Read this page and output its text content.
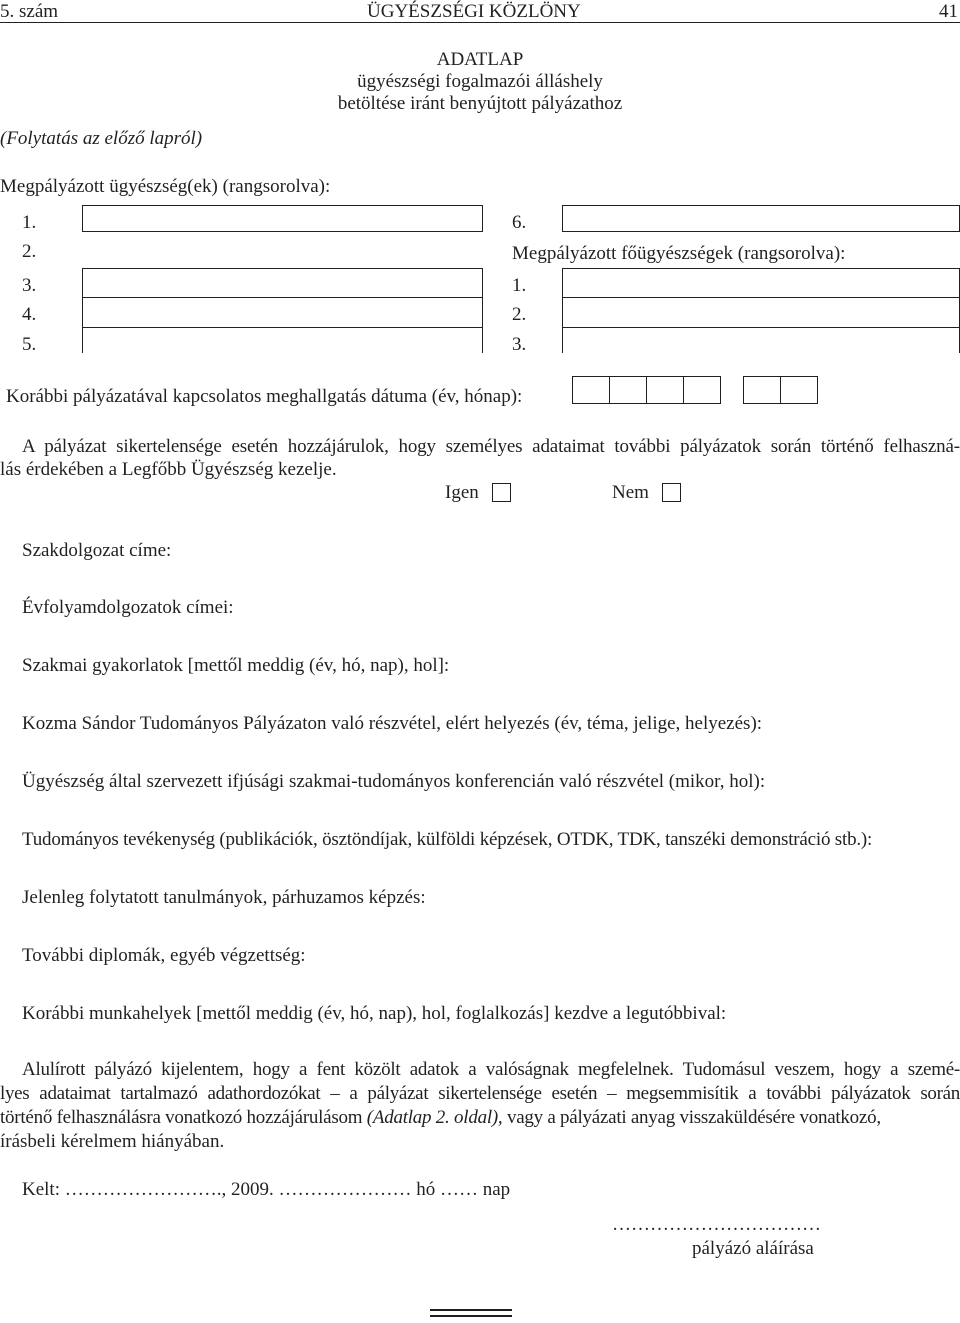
5. szám	ÜGYÉSZSÉGI KÖZLÖNY	41
ADATLAP
ügyészségi fogalmazói álláshely
betöltése iránt benyújtott pályázathoz
(Folytatás az előző lapról)
Megpályázott ügyészség(ek) (rangsorolva):
1.
2.
3.
4.
5.
6.
Megpályázott főügyészségek (rangsorolva):
1.
2.
3.
Korábbi pályázatával kapcsolatos meghallgatás dátuma (év, hónap):
A pályázat sikertelensége esetén hozzájárulok, hogy személyes adataimat további pályázatok során történő felhaszná-
lás érdekében a Legfőbb Ügyészség kezelje.
Igen	Nem
Szakdolgozat címe:
Évfolyamdolgozatok címei:
Szakmai gyakorlatok [mettől meddig (év, hó, nap), hol]:
Kozma Sándor Tudományos Pályázaton való részvétel, elért helyezés (év, téma, jelige, helyezés):
Ügyészség által szervezett ifjúsági szakmai-tudományos konferencián való részvétel (mikor, hol):
Tudományos tevékenység (publikációk, ösztöndíjak, külföldi képzések, OTDK, TDK, tanszéki demonstráció stb.):
Jelenleg folytatott tanulmányok, párhuzamos képzés:
További diplomák, egyéb végzettség:
Korábbi munkahelyek [mettől meddig (év, hó, nap), hol, foglalkozás] kezdve a legutóbbival:
Alulírott pályázó kijelentem, hogy a fent közölt adatok a valóságnak megfelelnek. Tudomásul veszem, hogy a szemé-
lyes adataimat tartalmazó adathordozókat – a pályázat sikertelensége esetén – megsemmisítik a további pályázatok során
történő felhasználásra vonatkozó hozzájárulásom (Adatlap 2. oldal), vagy a pályázati anyag visszaküldésére vonatkozó,
írásbeli kérelmem hiányában.
Kelt: ……………………., 2009. ………………… hó …… nap
……………………………
pályázó aláírása
